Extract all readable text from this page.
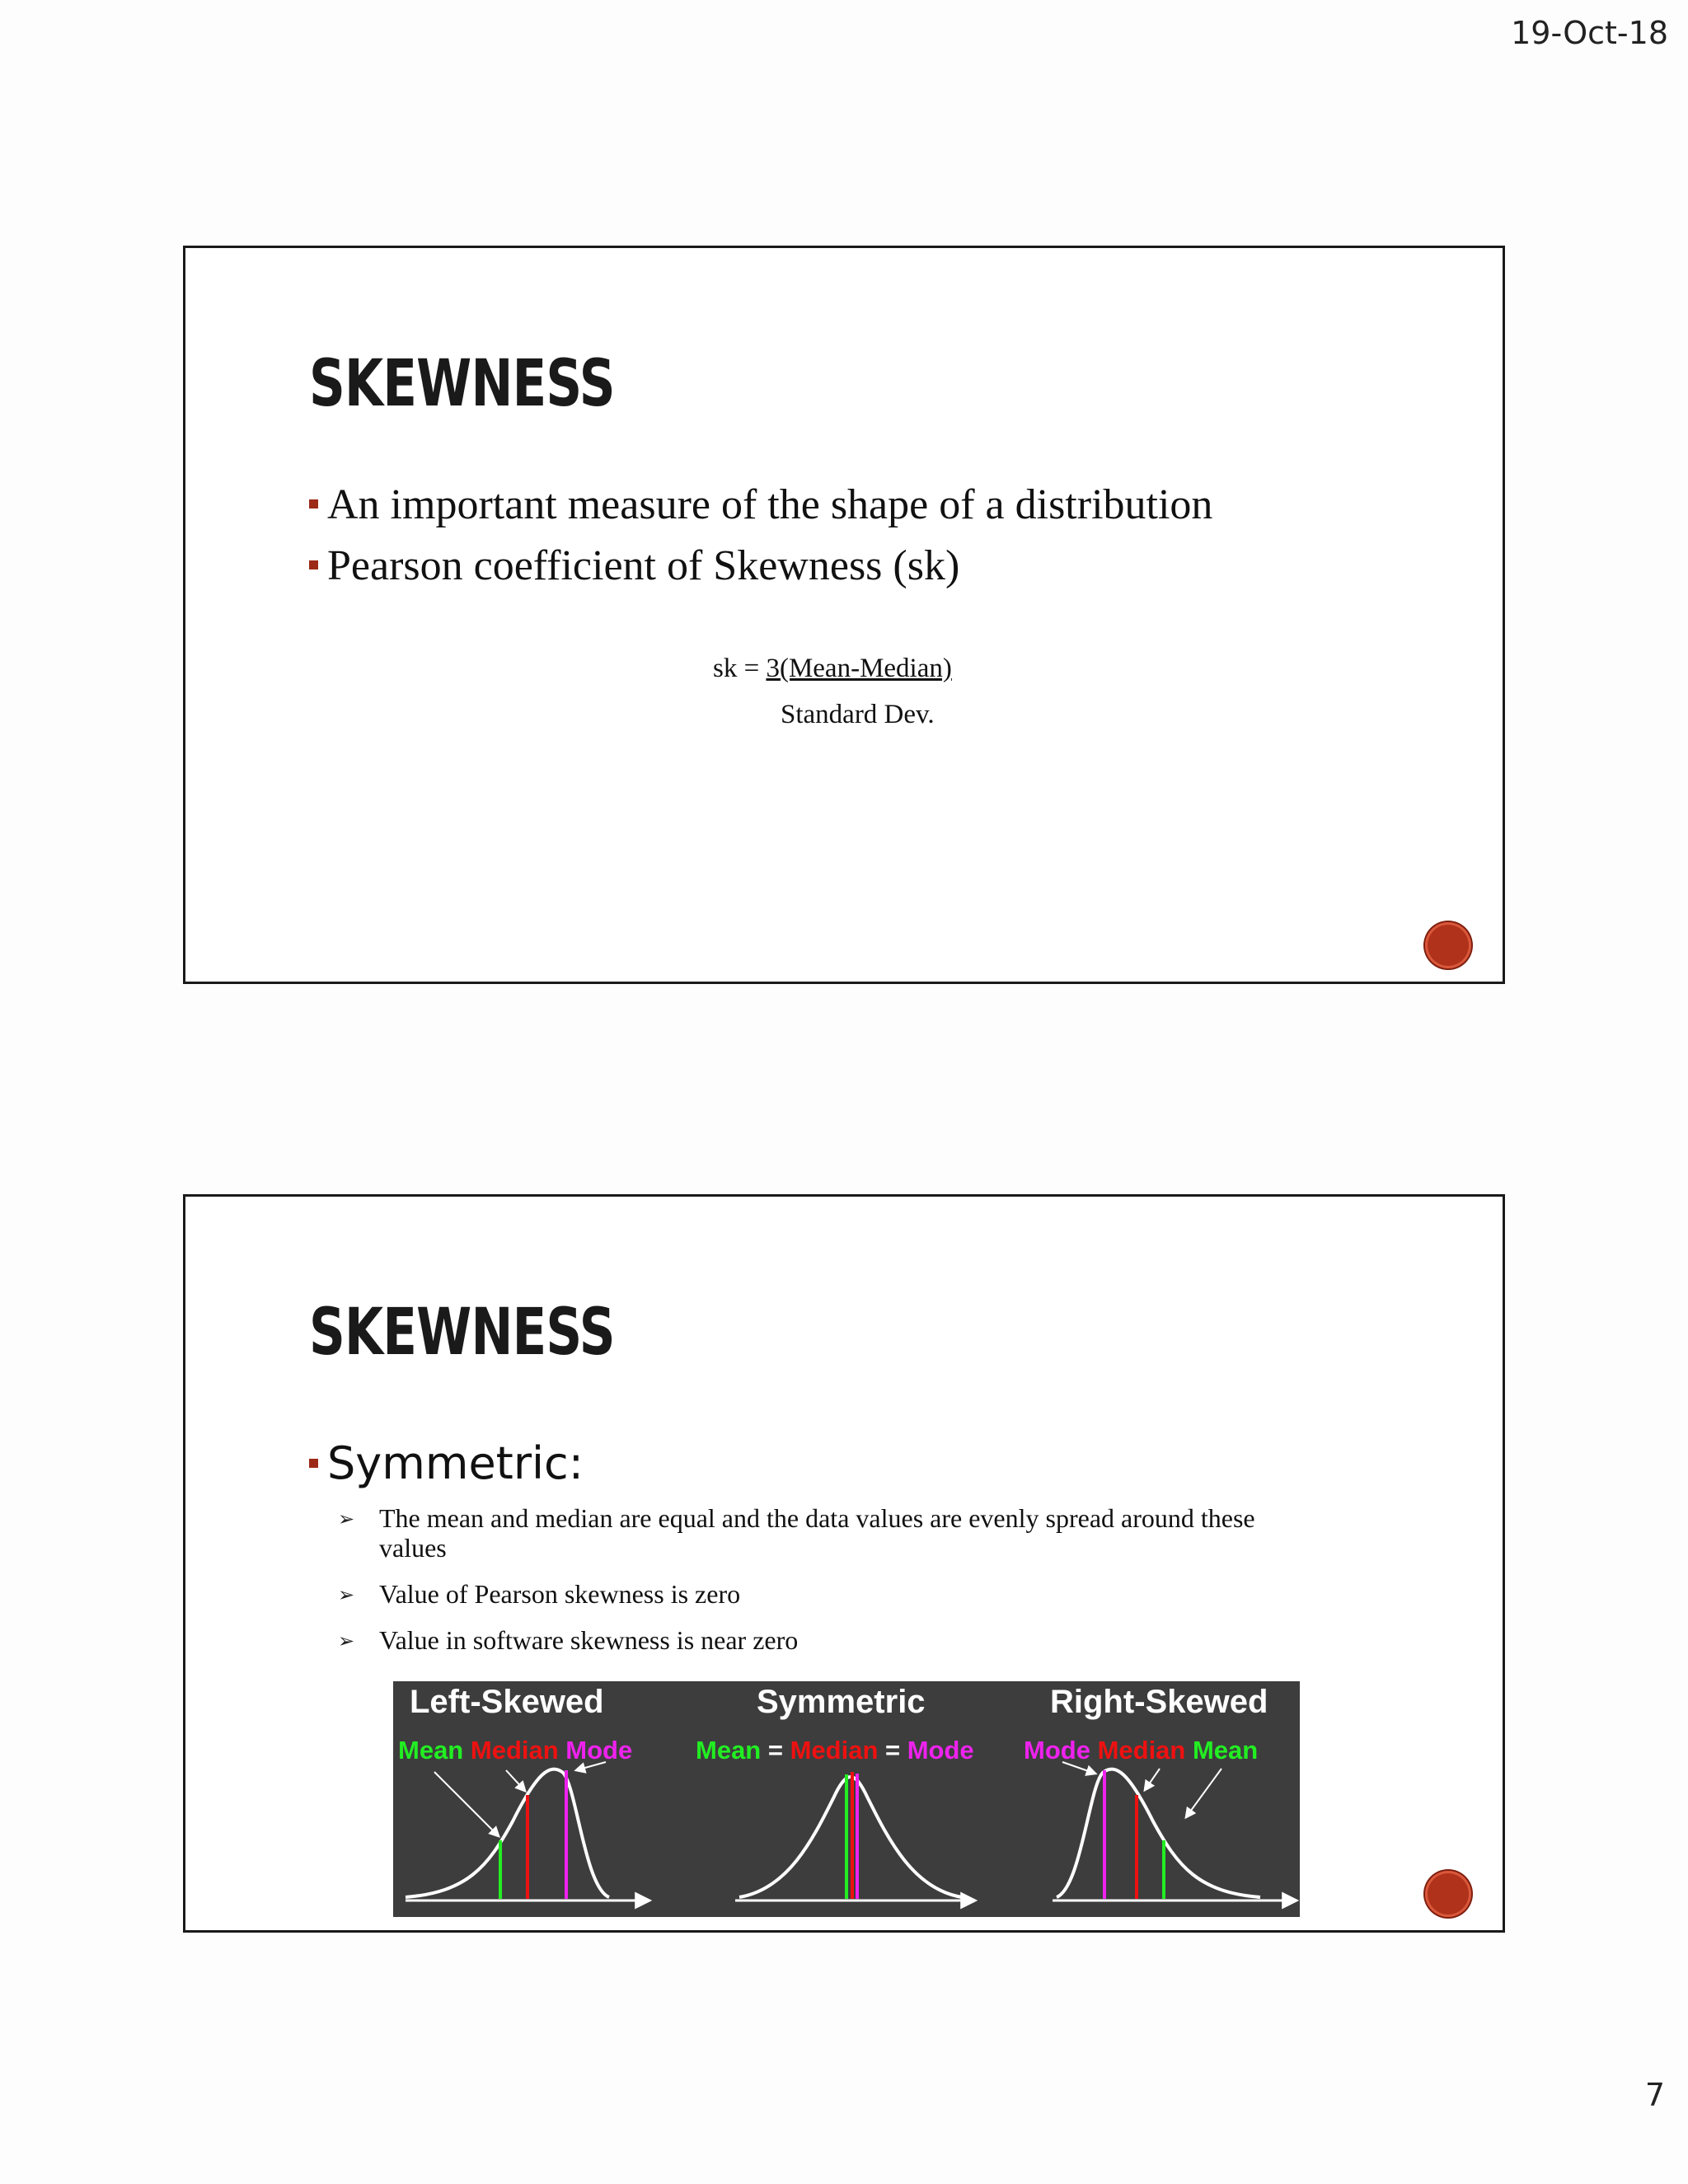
19-Oct-18
SKEWNESS
An important measure of the shape of a distribution
Pearson coefficient of Skewness (sk)
sk = 3(Mean-Median)
Standard Dev.
SKEWNESS
Symmetric:
➢ The mean and median are equal and the data values are evenly spread around these values
➢ Value of Pearson skewness is zero
➢ Value in software skewness is near zero
Left-Skewed	Symmetric	Right-Skewed
Mean Median Mode Mean = Median = Mode Mode Median Mean
7
